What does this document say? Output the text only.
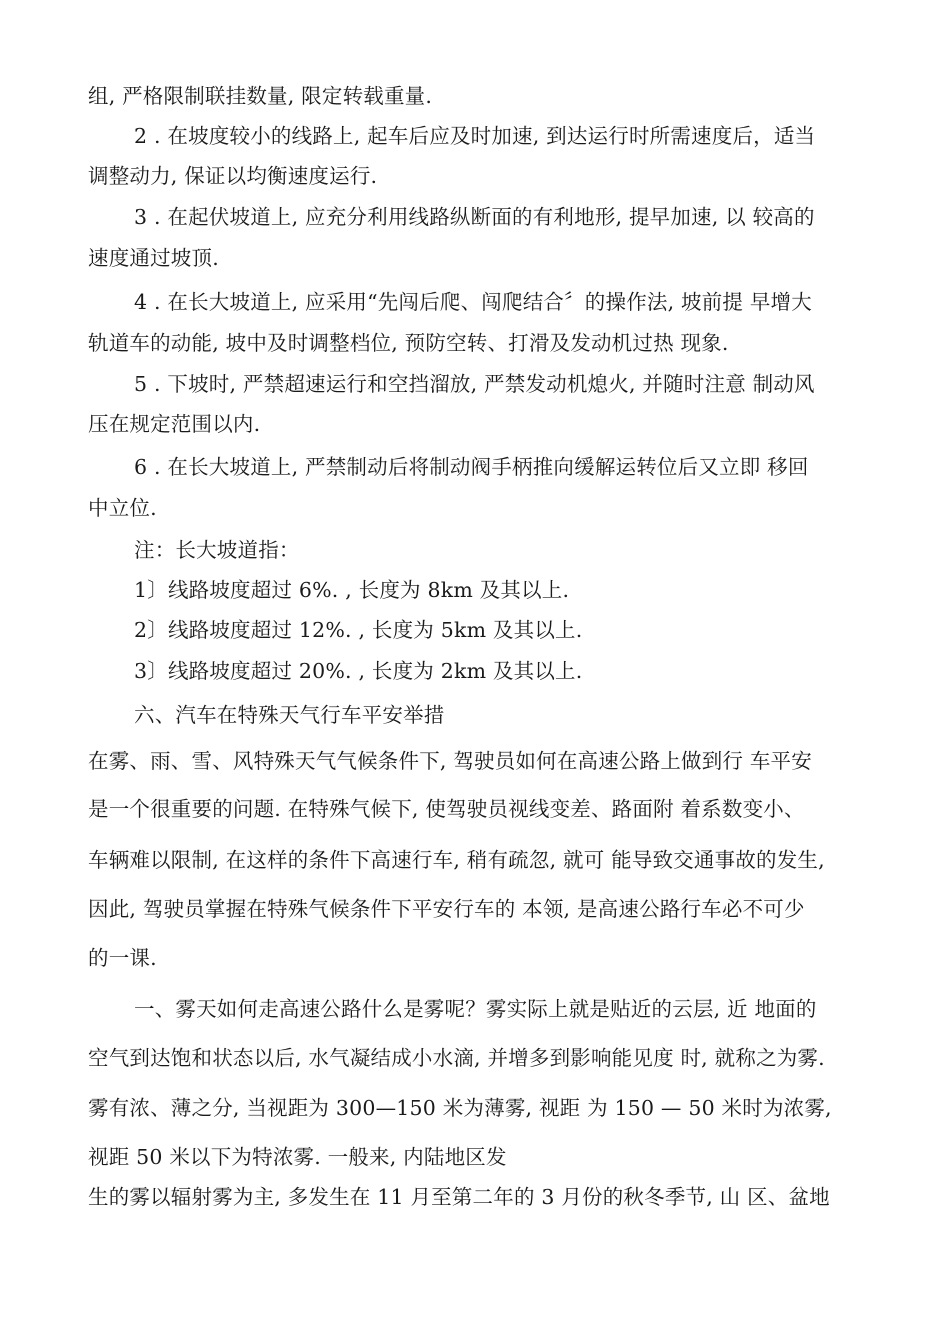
组, 严格限制联挂数量, 限定转载重量.
2 . 在坡度较小的线路上, 起车后应及时加速, 到达运行时所需速度后，适当
调整动力, 保证以均衡速度运行.
3 . 在起伏坡道上, 应充分利用线路纵断面的有利地形, 提早加速, 以 较高的
速度通过坡顶.
4 . 在长大坡道上, 应采用“先闯后爬、闯爬结合〞的操作法, 坡前提 早增大
轨道车的动能, 坡中及时调整档位, 预防空转、打滑及发动机过热 现象.
5 . 下坡时, 严禁超速运行和空挡溜放, 严禁发动机熄火, 并随时注意 制动风
压在规定范围以内.
6 . 在长大坡道上, 严禁制动后将制动阀手柄推向缓解运转位后又立即 移回
中立位.
注：长大坡道指：
1〕线路坡度超过 6%. , 长度为 8km 及其以上.
2〕线路坡度超过 12%. , 长度为 5km 及其以上.
3〕线路坡度超过 20%. , 长度为 2km 及其以上.
六、汽车在特殊天气行车平安举措
在雾、雨、雪、风特殊天气气候条件下, 驾驶员如何在高速公路上做到行 车平安
是一个很重要的问题. 在特殊气候下, 使驾驶员视线变差、路面附 着系数变小、
车辆难以限制, 在这样的条件下高速行车, 稍有疏忽, 就可 能导致交通事故的发生,
因此, 驾驶员掌握在特殊气候条件下平安行车的 本领, 是高速公路行车必不可少
的一课.
一、雾天如何走高速公路什么是雾呢？雾实际上就是贴近的云层, 近 地面的
空气到达饱和状态以后, 水气凝结成小水滴, 并增多到影响能见度 时, 就称之为雾.
雾有浓、薄之分, 当视距为 300—150 米为薄雾, 视距 为 150 — 50 米时为浓雾,
视距 50 米以下为特浓雾. 一般来, 内陆地区发
生的雾以辐射雾为主, 多发生在 11 月至第二年的 3 月份的秋冬季节, 山 区、盆地
